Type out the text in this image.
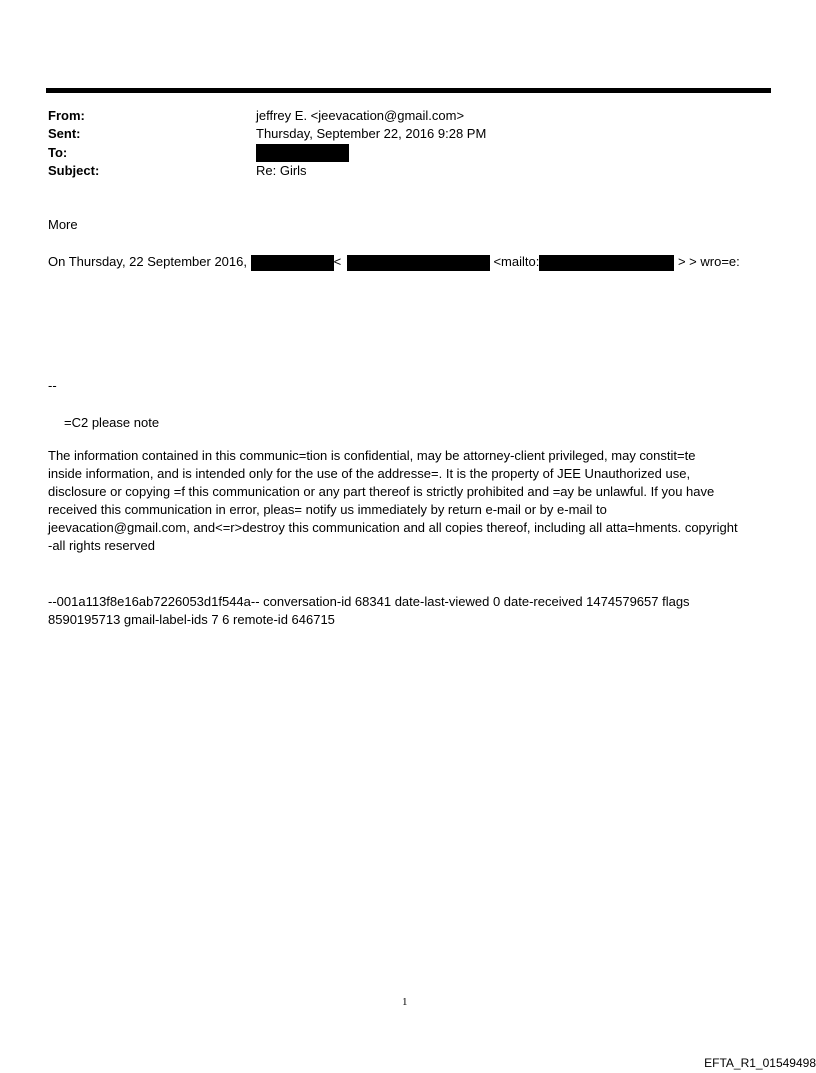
From:	jeffrey E. <jeevacation@gmail.com>
Sent:	Thursday, September 22, 2016 9:28 PM
To:
Subject:	Re: Girls
More
On Thursday, 22 September 2016,	<	<mailto:	> > wro=e:
--
=C2 please note
The information contained in this communic=tion is confidential, may be attorney-client privileged, may constit=te
inside information, and is intended only for the use of the addresse=. It is the property of JEE Unauthorized use,
disclosure or copying =f this communication or any part thereof is strictly prohibited and =ay be unlawful. If you have
received this communication in error, pleas= notify us immediately by return e-mail or by e-mail to
jeevacation@gmail.com, and<=r>destroy this communication and all copies thereof, including all atta=hments. copyright
-all rights reserved
--001a113f8e16ab7226053d1f544a-- conversation-id 68341 date-last-viewed 0 date-received 1474579657 flags
8590195713 gmail-label-ids 7 6 remote-id 646715
1
EFTA_R1_01549498
